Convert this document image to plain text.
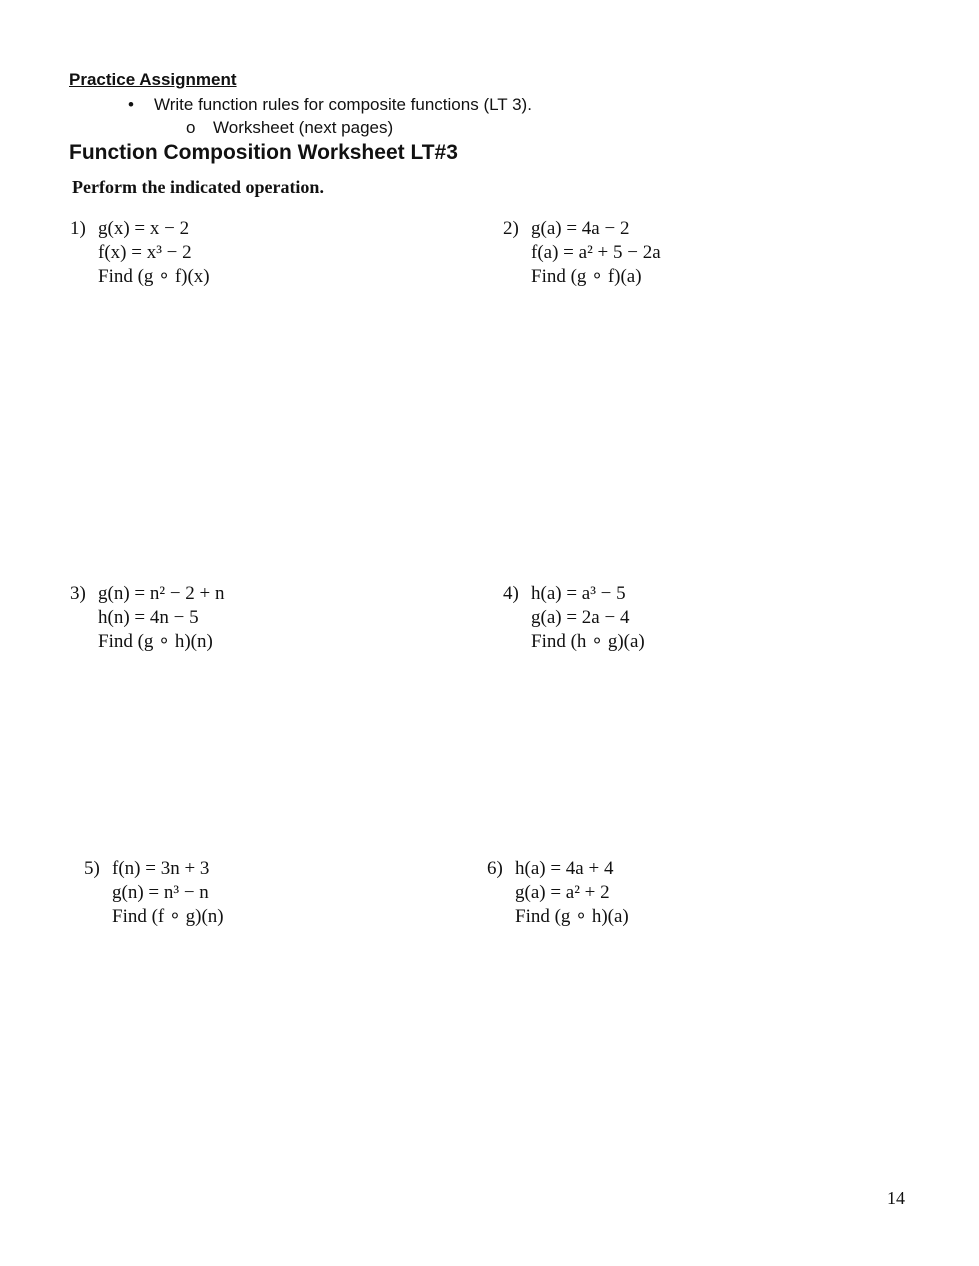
Practice Assignment
• Write function rules for composite functions (LT 3).
o Worksheet (next pages)
Function Composition Worksheet LT#3
Perform the indicated operation.
1) g(x) = x − 2
f(x) = x³ − 2
Find (g ∘ f)(x)
2) g(a) = 4a − 2
f(a) = a² + 5 − 2a
Find (g ∘ f)(a)
3) g(n) = n² − 2 + n
h(n) = 4n − 5
Find (g ∘ h)(n)
4) h(a) = a³ − 5
g(a) = 2a − 4
Find (h ∘ g)(a)
5) f(n) = 3n + 3
g(n) = n³ − n
Find (f ∘ g)(n)
6) h(a) = 4a + 4
g(a) = a² + 2
Find (g ∘ h)(a)
14
